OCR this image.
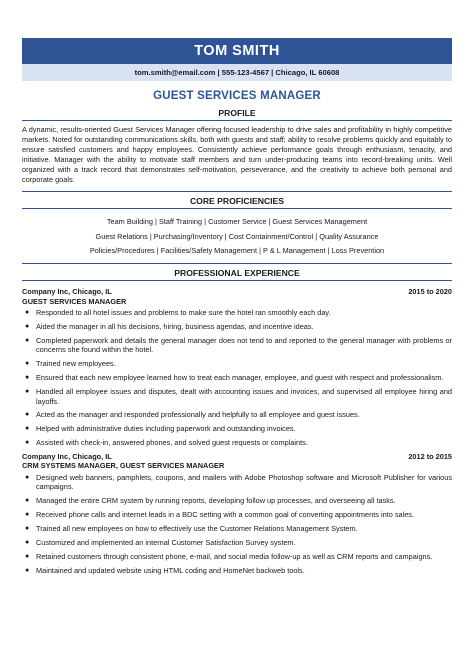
TOM SMITH
tom.smith@email.com | 555-123-4567 | Chicago, IL 60608
GUEST SERVICES MANAGER
PROFILE
A dynamic, results-oriented Guest Services Manager offering focused leadership to drive sales and profitability in highly competitive markets. Noted for outstanding communications skills, both with guests and staff; ability to resolve problems quickly and equitably to ensure satisfied customers and happy employees. Consistently achieve performance goals through enthusiasm, tenacity, and initiative. Manager with the ability to motivate staff members and turn under-producing teams into record-breaking units. Well organized with a track record that demonstrates self-motivation, perseverance, and the creativity to achieve both personal and corporate goals.
CORE PROFICIENCIES
Team Building | Staff Training | Customer Service | Guest Services Management
Guest Relations | Purchasing/Inventory | Cost Containment/Control | Quality Assurance
Policies/Procedures | Facilities/Safety Management | P & L Management | Loss Prevention
PROFESSIONAL EXPERIENCE
Company Inc, Chicago, IL	2015 to 2020
GUEST SERVICES MANAGER
● Responded to all hotel issues and problems to make sure the hotel ran smoothly each day.
● Aided the manager in all his decisions, hiring, business agendas, and incentive ideas.
● Completed paperwork and details the general manager does not tend to and reported to the general manager with problems or concerns she found within the hotel.
● Trained new employees.
● Ensured that each new employee learned how to treat each manager, employee, and guest with respect and professionalism.
● Handled all employee issues and disputes, dealt with accounting issues and invoices, and supervised all employee hiring and layoffs.
● Acted as the manager and responded professionally and helpfully to all employee and guest issues.
● Helped with administrative duties including paperwork and outstanding invoices.
● Assisted with check-in, answered phones, and solved guest requests or complaints.
Company Inc, Chicago, IL	2012 to 2015
CRM SYSTEMS MANAGER, GUEST SERVICES MANAGER
● Designed web banners, pamphlets, coupons, and mailers with Adobe Photoshop software and Microsoft Publisher for various campaigns.
● Managed the entire CRM system by running reports, developing follow up processes, and overseeing all tasks.
● Received phone calls and internet leads in a BDC setting with a common goal of converting appointments into sales.
● Trained all new employees on how to effectively use the Customer Relations Management System.
● Customized and implemented an internal Customer Satisfaction Survey system.
● Retained customers through consistent phone, e-mail, and social media follow-up as well as CRM reports and campaigns.
● Maintained and updated website using HTML coding and HomeNet backweb tools.
